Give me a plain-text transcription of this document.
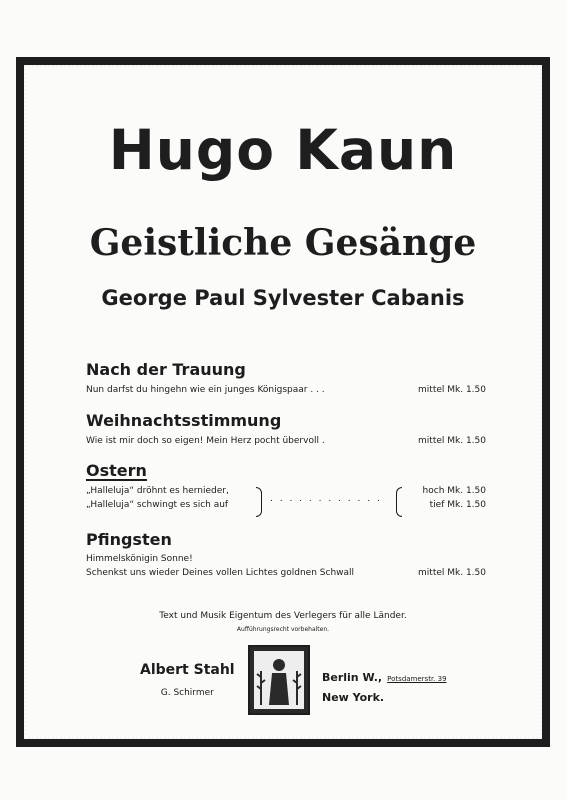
Hugo Kaun
Geistliche Gesänge
George Paul Sylvester Cabanis

Nach der Trauung

Nun darfst du hingehn wie ein junges Königspaar . . .	mittel Mk. 1.50

Weihnachtsstimmung

Wie ist mir doch so eigen! Mein Herz pocht übervoll .	mittel Mk. 1.50

Ostern

„Halleluja“ dröhnt es hernieder,	hoch Mk. 1.50
„Halleluja“ schwingt es sich auf	tief Mk. 1.50
. . . . . . . . . . . .

Pfingsten

Himmelskönigin Sonne!
Schenkst uns wieder Deines vollen Lichtes goldnen Schwall	mittel Mk. 1.50
Text und Musik Eigentum des Verlegers für alle Länder.
Aufführungsrecht vorbehalten.
Albert Stahl
G. Schirmer
Berlin W., Potsdamerstr. 39
New York.
